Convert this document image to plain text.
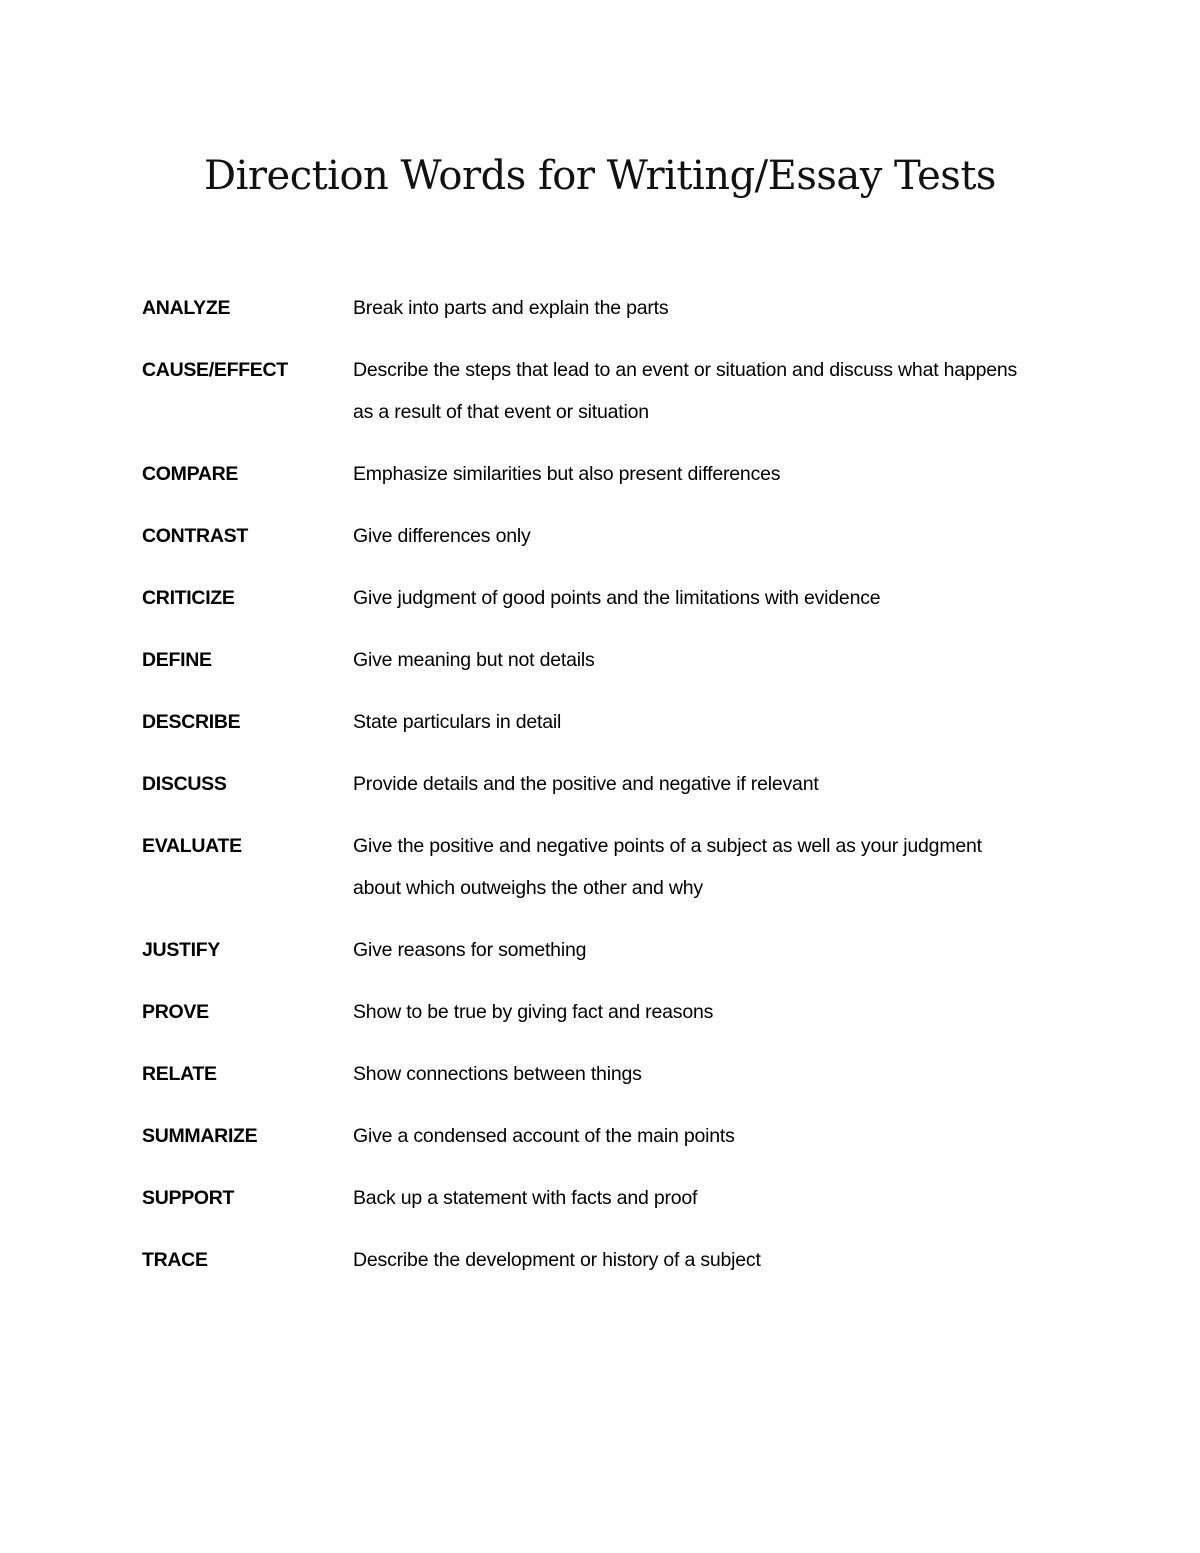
Direction Words for Writing/Essay Tests
ANALYZE	Break into parts and explain the parts
CAUSE/EFFECT	Describe the steps that lead to an event or situation and discuss what happens as a result of that event or situation
COMPARE	Emphasize similarities but also present differences
CONTRAST	Give differences only
CRITICIZE	Give judgment of good points and the limitations with evidence
DEFINE	Give meaning but not details
DESCRIBE	State particulars in detail
DISCUSS	Provide details and the positive and negative if relevant
EVALUATE	Give the positive and negative points of a subject as well as your judgment about which outweighs the other and why
JUSTIFY	Give reasons for something
PROVE	Show to be true by giving fact and reasons
RELATE	Show connections between things
SUMMARIZE	Give a condensed account of the main points
SUPPORT	Back up a statement with facts and proof
TRACE	Describe the development or history of a subject
